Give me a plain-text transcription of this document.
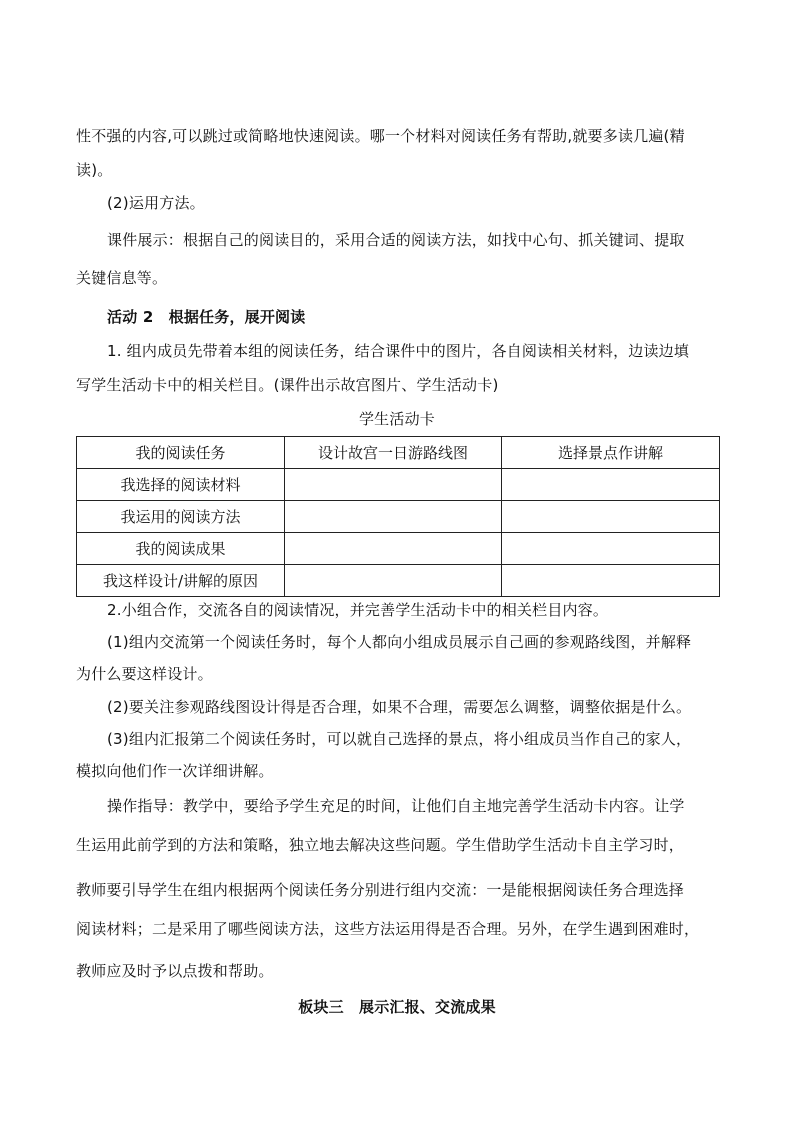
性不强的内容,可以跳过或简略地快速阅读。哪一个材料对阅读任务有帮助,就要多读几遍(精
读)。
(2)运用方法。
课件展示：根据自己的阅读目的，采用合适的阅读方法，如找中心句、抓关键词、提取
关键信息等。
活动 2　根据任务，展开阅读
1. 组内成员先带着本组的阅读任务，结合课件中的图片，各自阅读相关材料，边读边填
写学生活动卡中的相关栏目。(课件出示故宫图片、学生活动卡)
学生活动卡
我的阅读任务	设计故宫一日游路线图	选择景点作讲解
我选择的阅读材料		
我运用的阅读方法		
我的阅读成果		
我这样设计/讲解的原因		
2.小组合作，交流各自的阅读情况，并完善学生活动卡中的相关栏目内容。
(1)组内交流第一个阅读任务时，每个人都向小组成员展示自己画的参观路线图，并解释
为什么要这样设计。
(2)要关注参观路线图设计得是否合理，如果不合理，需要怎么调整，调整依据是什么。
(3)组内汇报第二个阅读任务时，可以就自己选择的景点，将小组成员当作自己的家人，
模拟向他们作一次详细讲解。
操作指导：教学中，要给予学生充足的时间，让他们自主地完善学生活动卡内容。让学
生运用此前学到的方法和策略，独立地去解决这些问题。学生借助学生活动卡自主学习时，
教师要引导学生在组内根据两个阅读任务分别进行组内交流：一是能根据阅读任务合理选择
阅读材料；二是采用了哪些阅读方法，这些方法运用得是否合理。另外，在学生遇到困难时，
教师应及时予以点拨和帮助。
板块三　展示汇报、交流成果
